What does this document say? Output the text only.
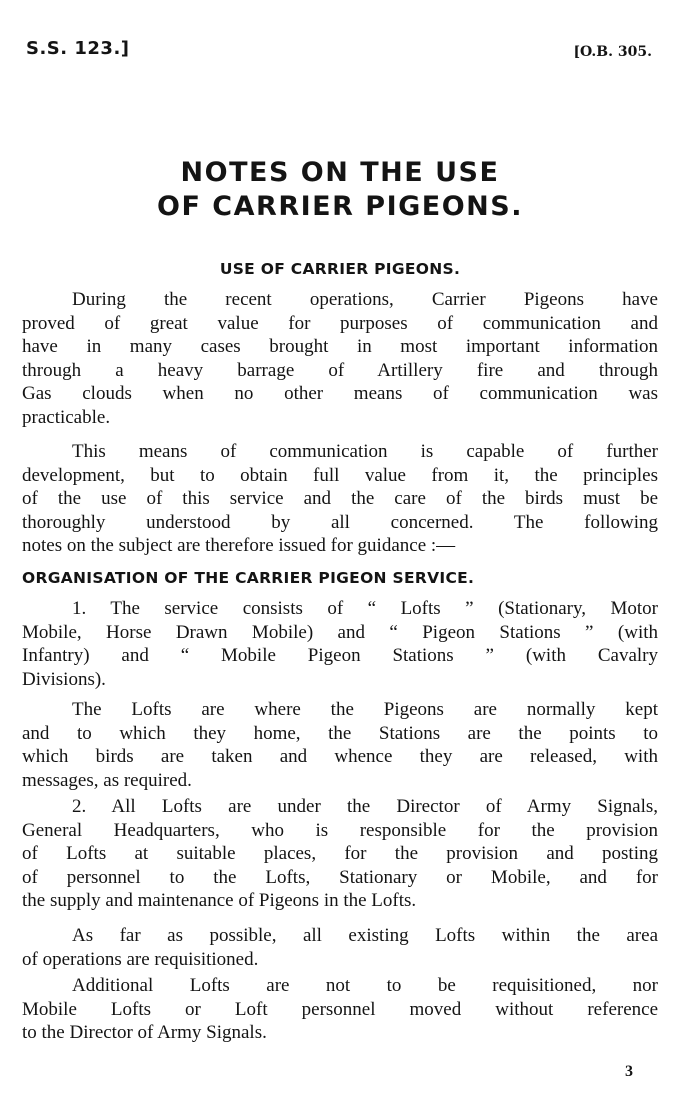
S.S. 123.]	[O.B. 305.
NOTES ON THE USE
OF CARRIER PIGEONS.
USE OF CARRIER PIGEONS.
During the recent operations, Carrier Pigeons have
proved of great value for purposes of communication and
have in many cases brought in most important information
through a heavy barrage of Artillery fire and through
Gas clouds when no other means of communication was
practicable.
This means of communication is capable of further
development, but to obtain full value from it, the principles
of the use of this service and the care of the birds must be
thoroughly understood by all concerned. The following
notes on the subject are therefore issued for guidance :—
ORGANISATION OF THE CARRIER PIGEON SERVICE.
1. The service consists of “ Lofts ” (Stationary, Motor
Mobile, Horse Drawn Mobile) and “ Pigeon Stations ” (with
Infantry) and “ Mobile Pigeon Stations ” (with Cavalry
Divisions).
The Lofts are where the Pigeons are normally kept
and to which they home, the Stations are the points to
which birds are taken and whence they are released, with
messages, as required.
2. All Lofts are under the Director of Army Signals,
General Headquarters, who is responsible for the provision
of Lofts at suitable places, for the provision and posting
of personnel to the Lofts, Stationary or Mobile, and for
the supply and maintenance of Pigeons in the Lofts.
As far as possible, all existing Lofts within the area
of operations are requisitioned.
Additional Lofts are not to be requisitioned, nor
Mobile Lofts or Loft personnel moved without reference
to the Director of Army Signals.
3
